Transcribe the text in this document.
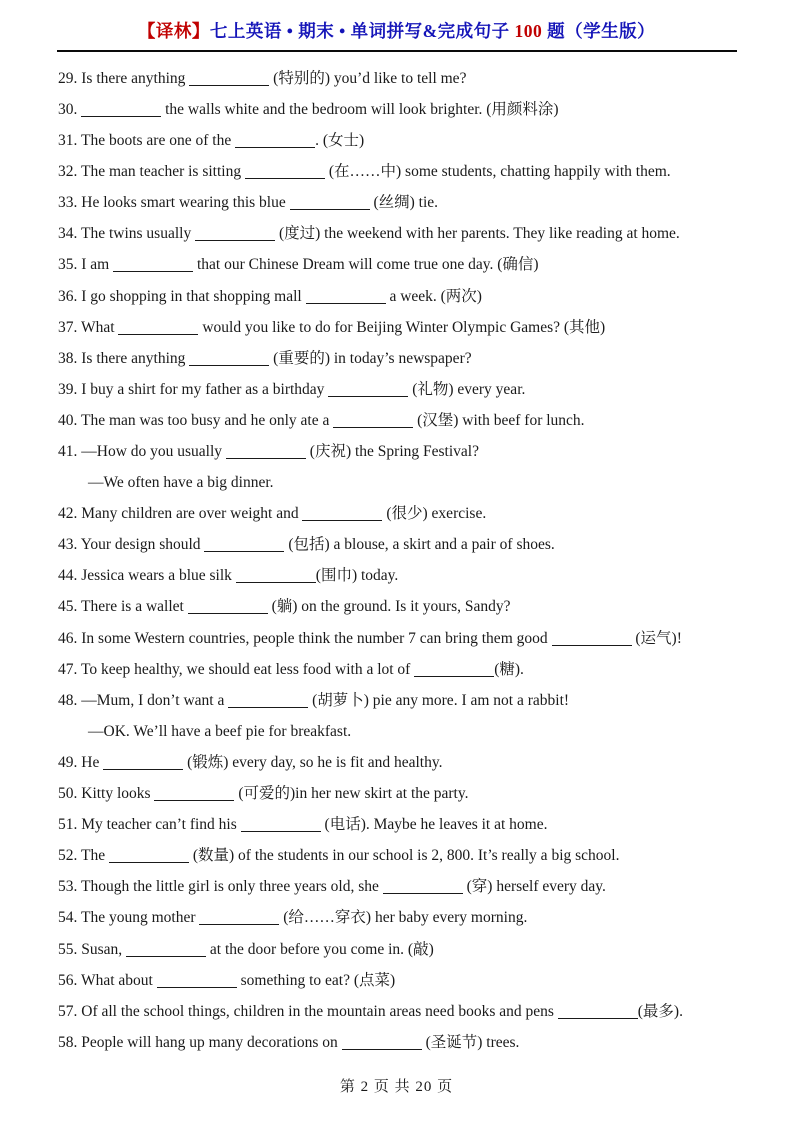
【译林】七上英语 • 期末 • 单词拼写&完成句子 100 题（学生版）
29. Is there anything	(特别的) you’d like to tell me?
30.	the walls white and the bedroom will look brighter. (用颜料涂)
31. The boots are one of the	. (女士)
32. The man teacher is sitting	(在……中) some students, chatting happily with them.
33. He looks smart wearing this blue	(丝绸) tie.
34. The twins usually	(度过) the weekend with her parents. They like reading at home.
35. I am	that our Chinese Dream will come true one day. (确信)
36. I go shopping in that shopping mall	a week. (两次)
37. What	would you like to do for Beijing Winter Olympic Games? (其他)
38. Is there anything	(重要的) in today’s newspaper?
39. I buy a shirt for my father as a birthday	(礼物) every year.
40. The man was too busy and he only ate a	(汉堡) with beef for lunch.
41. —How do you usually	(庆祝) the Spring Festival?
—We often have a big dinner.
42. Many children are over weight and	(很少) exercise.
43. Your design should	(包括) a blouse, a skirt and a pair of shoes.
44. Jessica wears a blue silk	(围巾) today.
45. There is a wallet	(躺) on the ground. Is it yours, Sandy?
46. In some Western countries, people think the number 7 can bring them good	(运气)!
47. To keep healthy, we should eat less food with a lot of	(糖).
48. —Mum, I don’t want a	(胡萝卜) pie any more. I am not a rabbit!
—OK. We’ll have a beef pie for breakfast.
49. He	(锻炼) every day, so he is fit and healthy.
50. Kitty looks	(可爱的)in her new skirt at the party.
51. My teacher can’t find his	(电话). Maybe he leaves it at home.
52. The	(数量) of the students in our school is 2, 800. It’s really a big school.
53. Though the little girl is only three years old, she	(穿) herself every day.
54. The young mother	(给……穿衣) her baby every morning.
55. Susan,	at the door before you come in. (敲)
56. What about	something to eat? (点菜)
57. Of all the school things, children in the mountain areas need books and pens	(最多).
58. People will hang up many decorations on	(圣诞节) trees.
第 2 页 共 20 页
